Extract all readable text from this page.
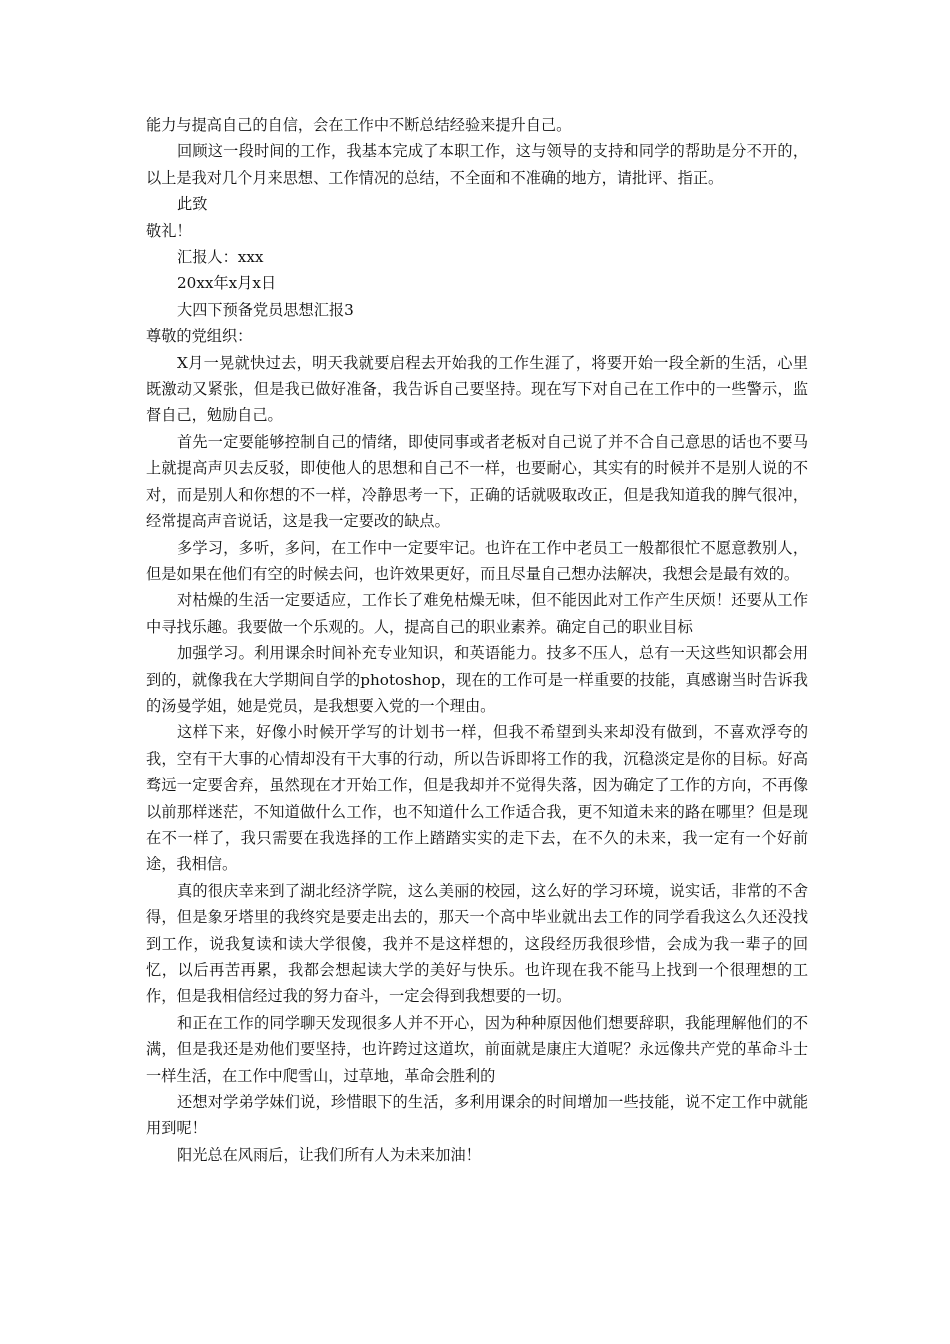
能力与提高自己的自信，会在工作中不断总结经验来提升自己。

回顾这一段时间的工作，我基本完成了本职工作，这与领导的支持和同学的帮助是分不开的，以上是我对几个月来思想、工作情况的总结，不全面和不准确的地方，请批评、指正。

此致

敬礼！

汇报人：xxx

20xx年x月x日

大四下预备党员思想汇报3

尊敬的党组织：

X月一晃就快过去，明天我就要启程去开始我的工作生涯了，将要开始一段全新的生活，心里既激动又紧张，但是我已做好准备，我告诉自己要坚持。现在写下对自己在工作中的一些警示，监督自己，勉励自己。

首先一定要能够控制自己的情绪，即使同事或者老板对自己说了并不合自己意思的话也不要马上就提高声贝去反驳，即使他人的思想和自己不一样，也要耐心，其实有的时候并不是别人说的不对，而是别人和你想的不一样，冷静思考一下，正确的话就吸取改正，但是我知道我的脾气很冲，经常提高声音说话，这是我一定要改的缺点。

多学习，多听，多问，在工作中一定要牢记。也许在工作中老员工一般都很忙不愿意教别人，但是如果在他们有空的时候去问，也许效果更好，而且尽量自己想办法解决，我想会是最有效的。

对枯燥的生活一定要适应，工作长了难免枯燥无味，但不能因此对工作产生厌烦！还要从工作中寻找乐趣。我要做一个乐观的。人，提高自己的职业素养。确定自己的职业目标

加强学习。利用课余时间补充专业知识，和英语能力。技多不压人，总有一天这些知识都会用到的，就像我在大学期间自学的photoshop，现在的工作可是一样重要的技能，真感谢当时告诉我的汤曼学姐，她是党员，是我想要入党的一个理由。

这样下来，好像小时候开学写的计划书一样，但我不希望到头来却没有做到，不喜欢浮夸的我，空有干大事的心情却没有干大事的行动，所以告诉即将工作的我，沉稳淡定是你的目标。好高骛远一定要舍弃，虽然现在才开始工作，但是我却并不觉得失落，因为确定了工作的方向，不再像以前那样迷茫，不知道做什么工作，也不知道什么工作适合我，更不知道未来的路在哪里？但是现在不一样了，我只需要在我选择的工作上踏踏实实的走下去，在不久的未来，我一定有一个好前途，我相信。

真的很庆幸来到了湖北经济学院，这么美丽的校园，这么好的学习环境，说实话，非常的不舍得，但是象牙塔里的我终究是要走出去的，那天一个高中毕业就出去工作的同学看我这么久还没找到工作，说我复读和读大学很傻，我并不是这样想的，这段经历我很珍惜，会成为我一辈子的回忆，以后再苦再累，我都会想起读大学的美好与快乐。也许现在我不能马上找到一个很理想的工作，但是我相信经过我的努力奋斗，一定会得到我想要的一切。

和正在工作的同学聊天发现很多人并不开心，因为种种原因他们想要辞职，我能理解他们的不满，但是我还是劝他们要坚持，也许跨过这道坎，前面就是康庄大道呢？永远像共产党的革命斗士一样生活，在工作中爬雪山，过草地，革命会胜利的

还想对学弟学妹们说，珍惜眼下的生活，多利用课余的时间增加一些技能，说不定工作中就能用到呢！

阳光总在风雨后，让我们所有人为未来加油！
